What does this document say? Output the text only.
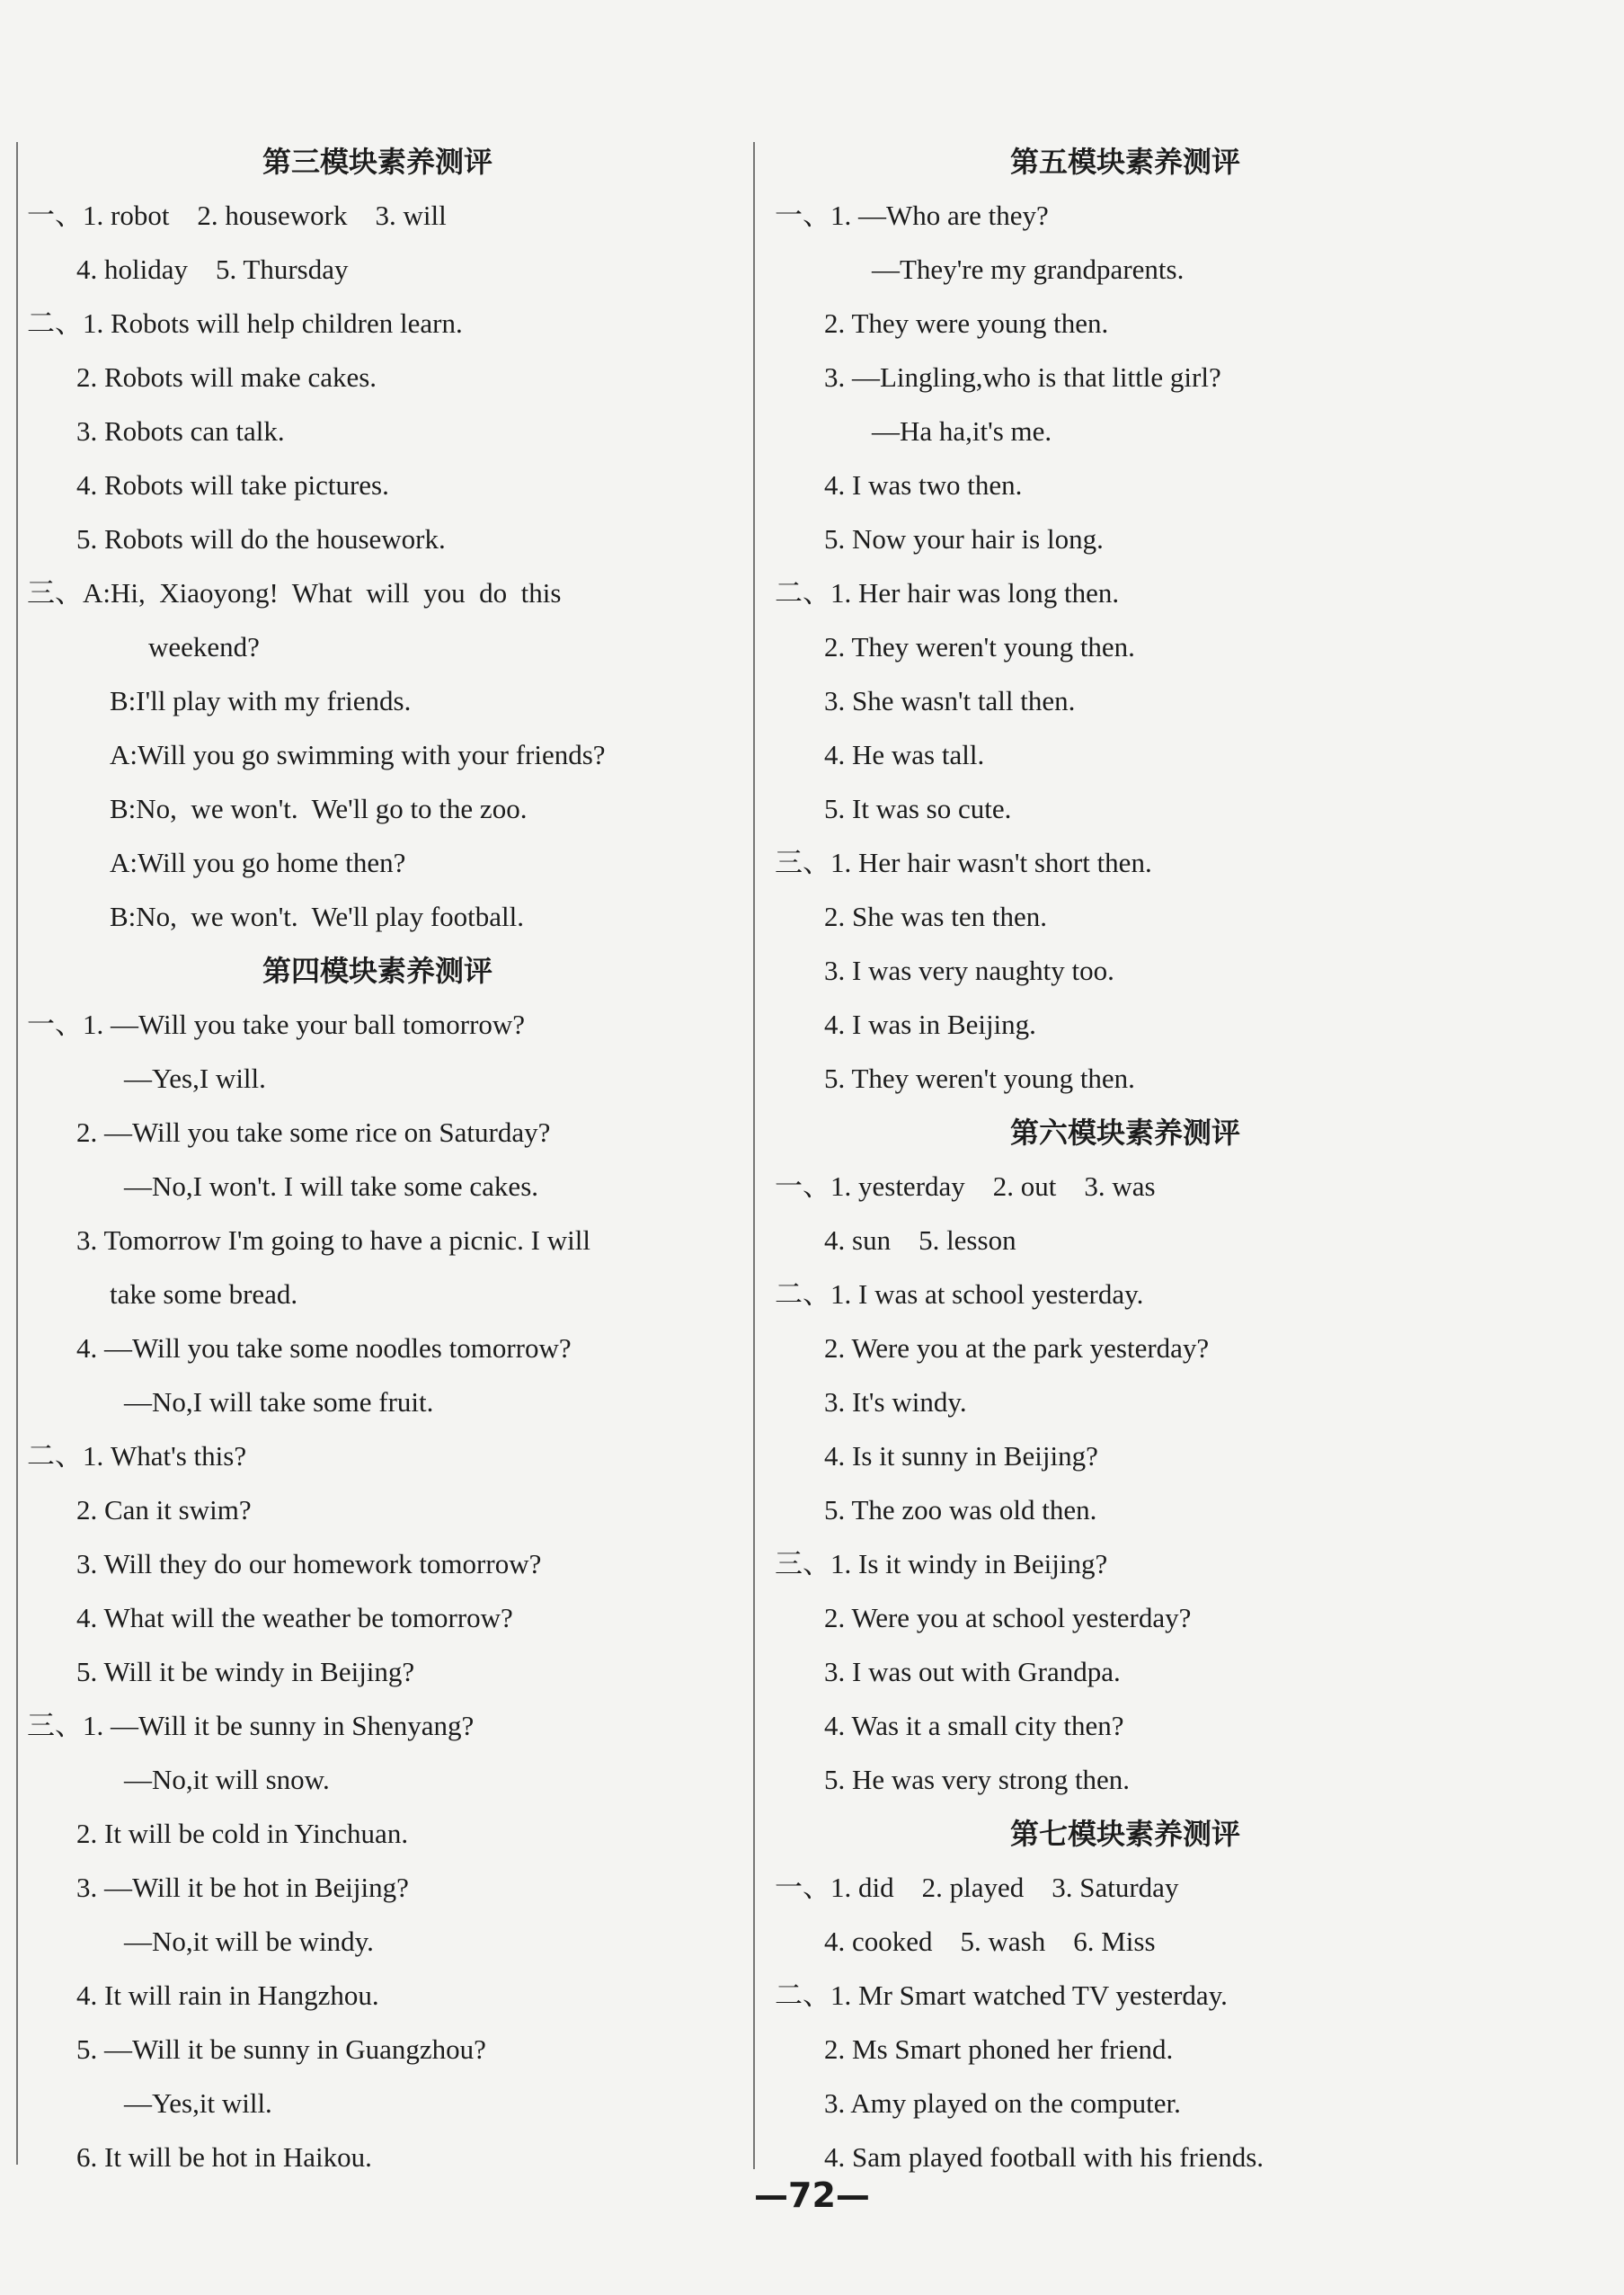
第三模块素养测评
一、1. robot    2. housework    3. will
4. holiday    5. Thursday
二、1. Robots will help children learn.
2. Robots will make cakes.
3. Robots can talk.
4. Robots will take pictures.
5. Robots will do the housework.
三、A:Hi,  Xiaoyong!  What  will  you  do  this
weekend?
B:I'll play with my friends.
A:Will you go swimming with your friends?
B:No,  we won't.  We'll go to the zoo.
A:Will you go home then?
B:No,  we won't.  We'll play football.
第四模块素养测评
一、1. —Will you take your ball tomorrow?
—Yes,I will.
2. —Will you take some rice on Saturday?
—No,I won't. I will take some cakes.
3. Tomorrow I'm going to have a picnic. I will
take some bread.
4. —Will you take some noodles tomorrow?
—No,I will take some fruit.
二、1. What's this?
2. Can it swim?
3. Will they do our homework tomorrow?
4. What will the weather be tomorrow?
5. Will it be windy in Beijing?
三、1. —Will it be sunny in Shenyang?
—No,it will snow.
2. It will be cold in Yinchuan.
3. —Will it be hot in Beijing?
—No,it will be windy.
4. It will rain in Hangzhou.
5. —Will it be sunny in Guangzhou?
—Yes,it will.
6. It will be hot in Haikou.
第五模块素养测评
一、1. —Who are they?
—They're my grandparents.
2. They were young then.
3. —Lingling,who is that little girl?
—Ha ha,it's me.
4. I was two then.
5. Now your hair is long.
二、1. Her hair was long then.
2. They weren't young then.
3. She wasn't tall then.
4. He was tall.
5. It was so cute.
三、1. Her hair wasn't short then.
2. She was ten then.
3. I was very naughty too.
4. I was in Beijing.
5. They weren't young then.
第六模块素养测评
一、1. yesterday    2. out    3. was
4. sun    5. lesson
二、1. I was at school yesterday.
2. Were you at the park yesterday?
3. It's windy.
4. Is it sunny in Beijing?
5. The zoo was old then.
三、1. Is it windy in Beijing?
2. Were you at school yesterday?
3. I was out with Grandpa.
4. Was it a small city then?
5. He was very strong then.
第七模块素养测评
一、1. did    2. played    3. Saturday
4. cooked    5. wash    6. Miss
二、1. Mr Smart watched TV yesterday.
2. Ms Smart phoned her friend.
3. Amy played on the computer.
4. Sam played football with his friends.
—72—
